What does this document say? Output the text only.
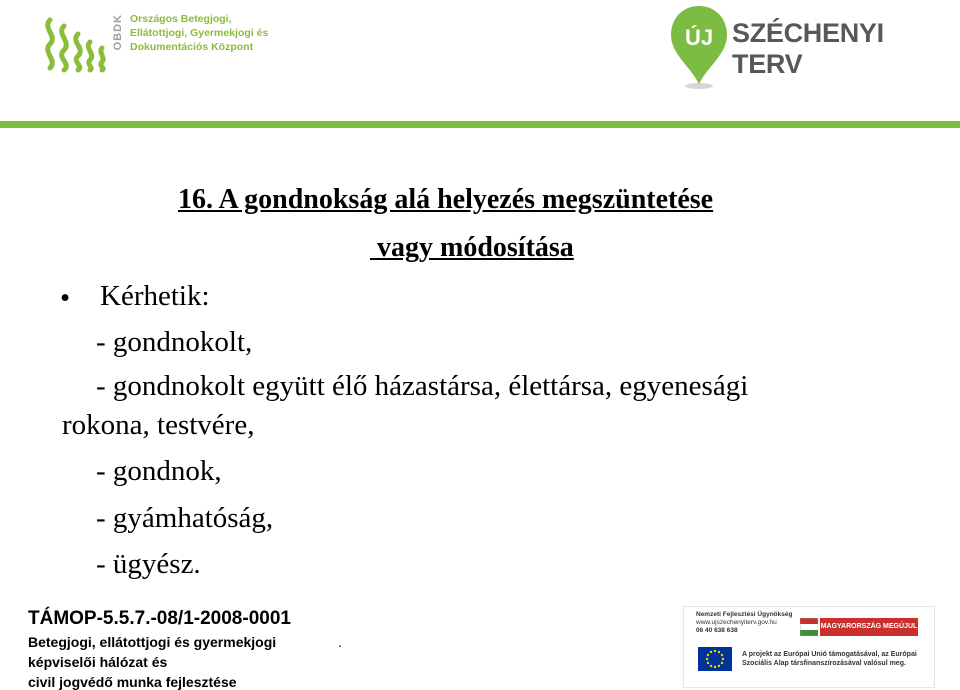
OBDK Országos Betegjogi,
Ellátottjogi, Gyermekjogi és
Dokumentációs Központ	ÚJ SZÉCHENYI TERV
16. A gondnokság alá helyezés megszüntetése
vagy módosítása
• Kérhetik:
- gondnokolt,
- gondnokolt együtt élő házastársa, élettársa, egyenesági
rokona, testvére,
- gondnok,
- gyámhatóság,
- ügyész.
TÁMOP-5.5.7.-08/1-2008-0001
Betegjogi, ellátottjogi és gyermekjogi
képviselői hálózat és
civil jogvédő munka fejlesztése
.
Nemzeti Fejlesztési Ügynökség
www.ujszechenyiterv.gov.hu
06 40 638 638
MAGYARORSZÁG MEGÚJUL
A projekt az Európai Unió támogatásával, az Európai
Szociális Alap társfinanszírozásával valósul meg.
